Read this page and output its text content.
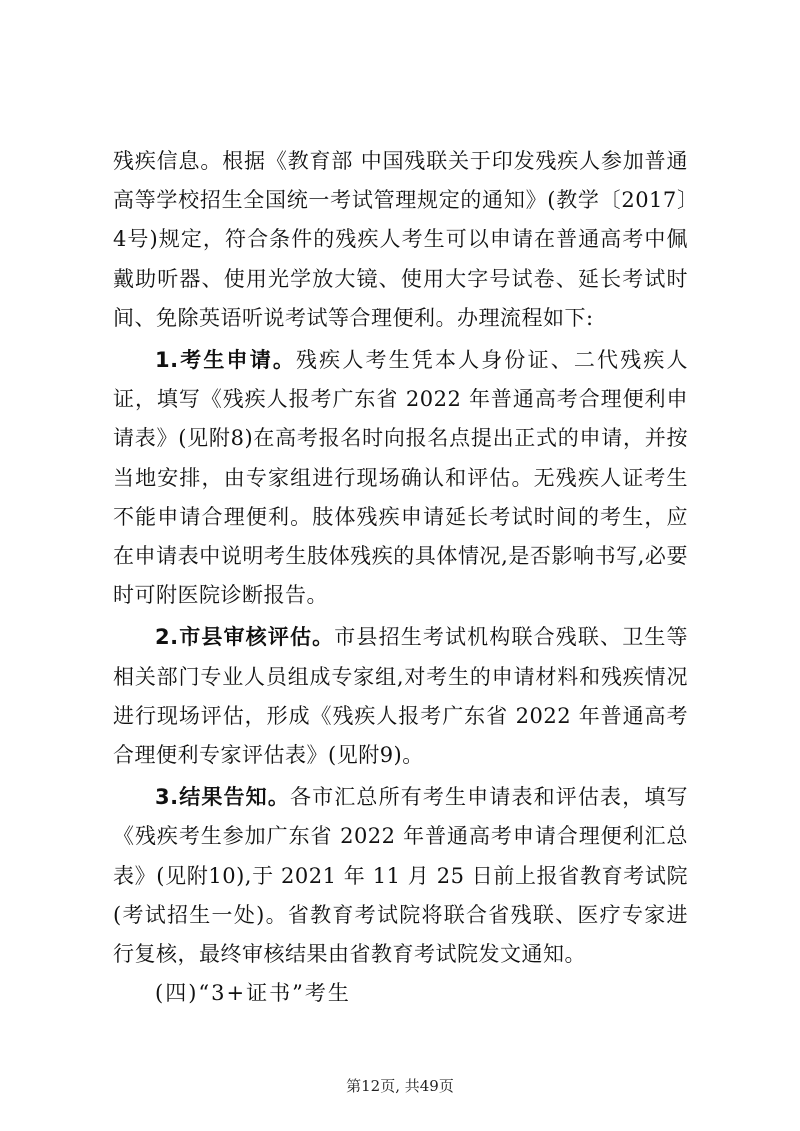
残疾信息。根据《教育部 中国残联关于印发残疾人参加普通高等学校招生全国统一考试管理规定的通知》(教学〔2017〕4号)规定，符合条件的残疾人考生可以申请在普通高考中佩戴助听器、使用光学放大镜、使用大字号试卷、延长考试时间、免除英语听说考试等合理便利。办理流程如下:

1.考生申请。残疾人考生凭本人身份证、二代残疾人证，填写《残疾人报考广东省 2022 年普通高考合理便利申请表》(见附8)在高考报名时向报名点提出正式的申请，并按当地安排，由专家组进行现场确认和评估。无残疾人证考生不能申请合理便利。肢体残疾申请延长考试时间的考生，应在申请表中说明考生肢体残疾的具体情况,是否影响书写,必要时可附医院诊断报告。

2.市县审核评估。市县招生考试机构联合残联、卫生等相关部门专业人员组成专家组,对考生的申请材料和残疾情况进行现场评估，形成《残疾人报考广东省 2022 年普通高考合理便利专家评估表》(见附9)。

3.结果告知。各市汇总所有考生申请表和评估表，填写《残疾考生参加广东省 2022 年普通高考申请合理便利汇总表》(见附10),于 2021 年 11 月 25 日前上报省教育考试院(考试招生一处)。省教育考试院将联合省残联、医疗专家进行复核，最终审核结果由省教育考试院发文通知。

(四)“3+证书”考生

第12页, 共49页
